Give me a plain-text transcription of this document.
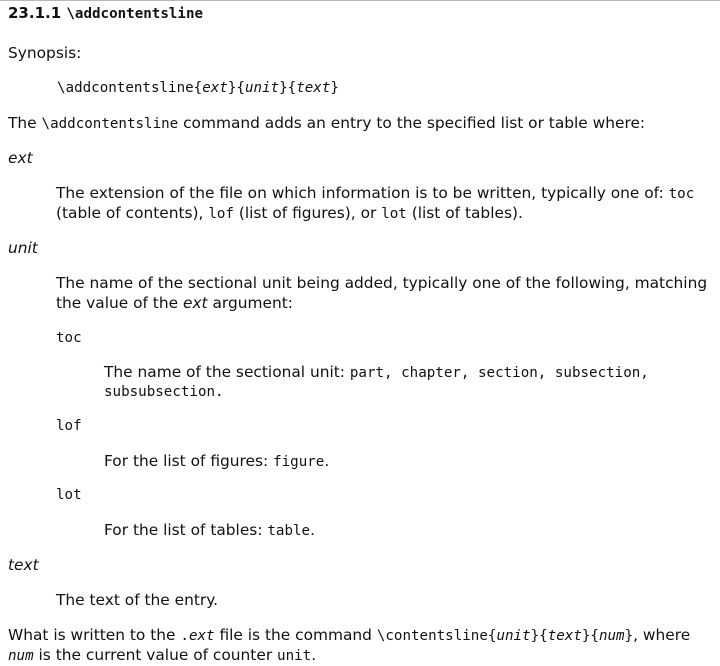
23.1.1 \addcontentsline
Synopsis:
\addcontentsline{ext}{unit}{text}
The \addcontentsline command adds an entry to the specified list or table where:
ext
The extension of the file on which information is to be written, typically one of: toc
(table of contents), lof (list of figures), or lot (list of tables).
unit
The name of the sectional unit being added, typically one of the following, matching
the value of the ext argument:
toc
The name of the sectional unit: part, chapter, section, subsection,
subsubsection.
lof
For the list of figures: figure.
lot
For the list of tables: table.
text
The text of the entry.
What is written to the .ext file is the command \contentsline{unit}{text}{num}, where
num is the current value of counter unit.
